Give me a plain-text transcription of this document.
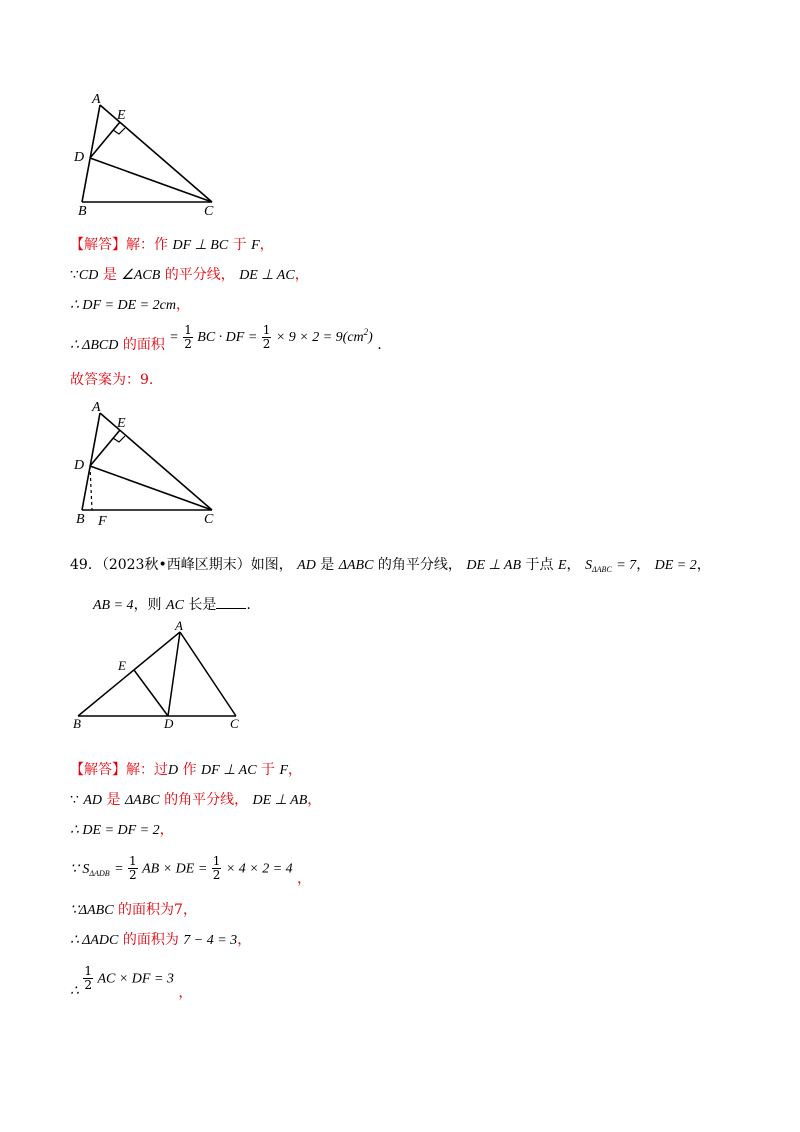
A
E
D
B	C
【解答】解：作 DF ⊥ BC 于 F，
∵CD 是 ∠ACB 的平分线， DE ⊥ AC，
∴ DF = DE = 2cm，
∴ ΔBCD 的面积 = $\frac{1}{2}$ BC · DF = $\frac{1}{2} \times 9 \times 2 = 9(cm^2)$ .
故答案为：9.
A
E
D
B F	C
49．（2023秋•西峰区期末）如图， AD 是 ΔABC 的角平分线， DE ⊥ AB 于点 E， $S_{\Delta ABC} = 7$， DE = 2，
AB = 4，则 AC 长是 .
A
E
B	D	C
【解答】解：过D 作 DF ⊥ AC 于 F，
∵ AD 是 ΔABC 的角平分线， DE ⊥ AB，
∴ DE = DF = 2，
∵ $S_{\Delta ADB} = \frac{1}{2}$ AB × DE = $\frac{1}{2} \times 4 \times 2 = 4$ ，
∵ΔABC 的面积为7，
∴ ΔADC 的面积为 7 − 4 = 3，
∴ $\frac{1}{2}$ AC × DF = 3 ，
